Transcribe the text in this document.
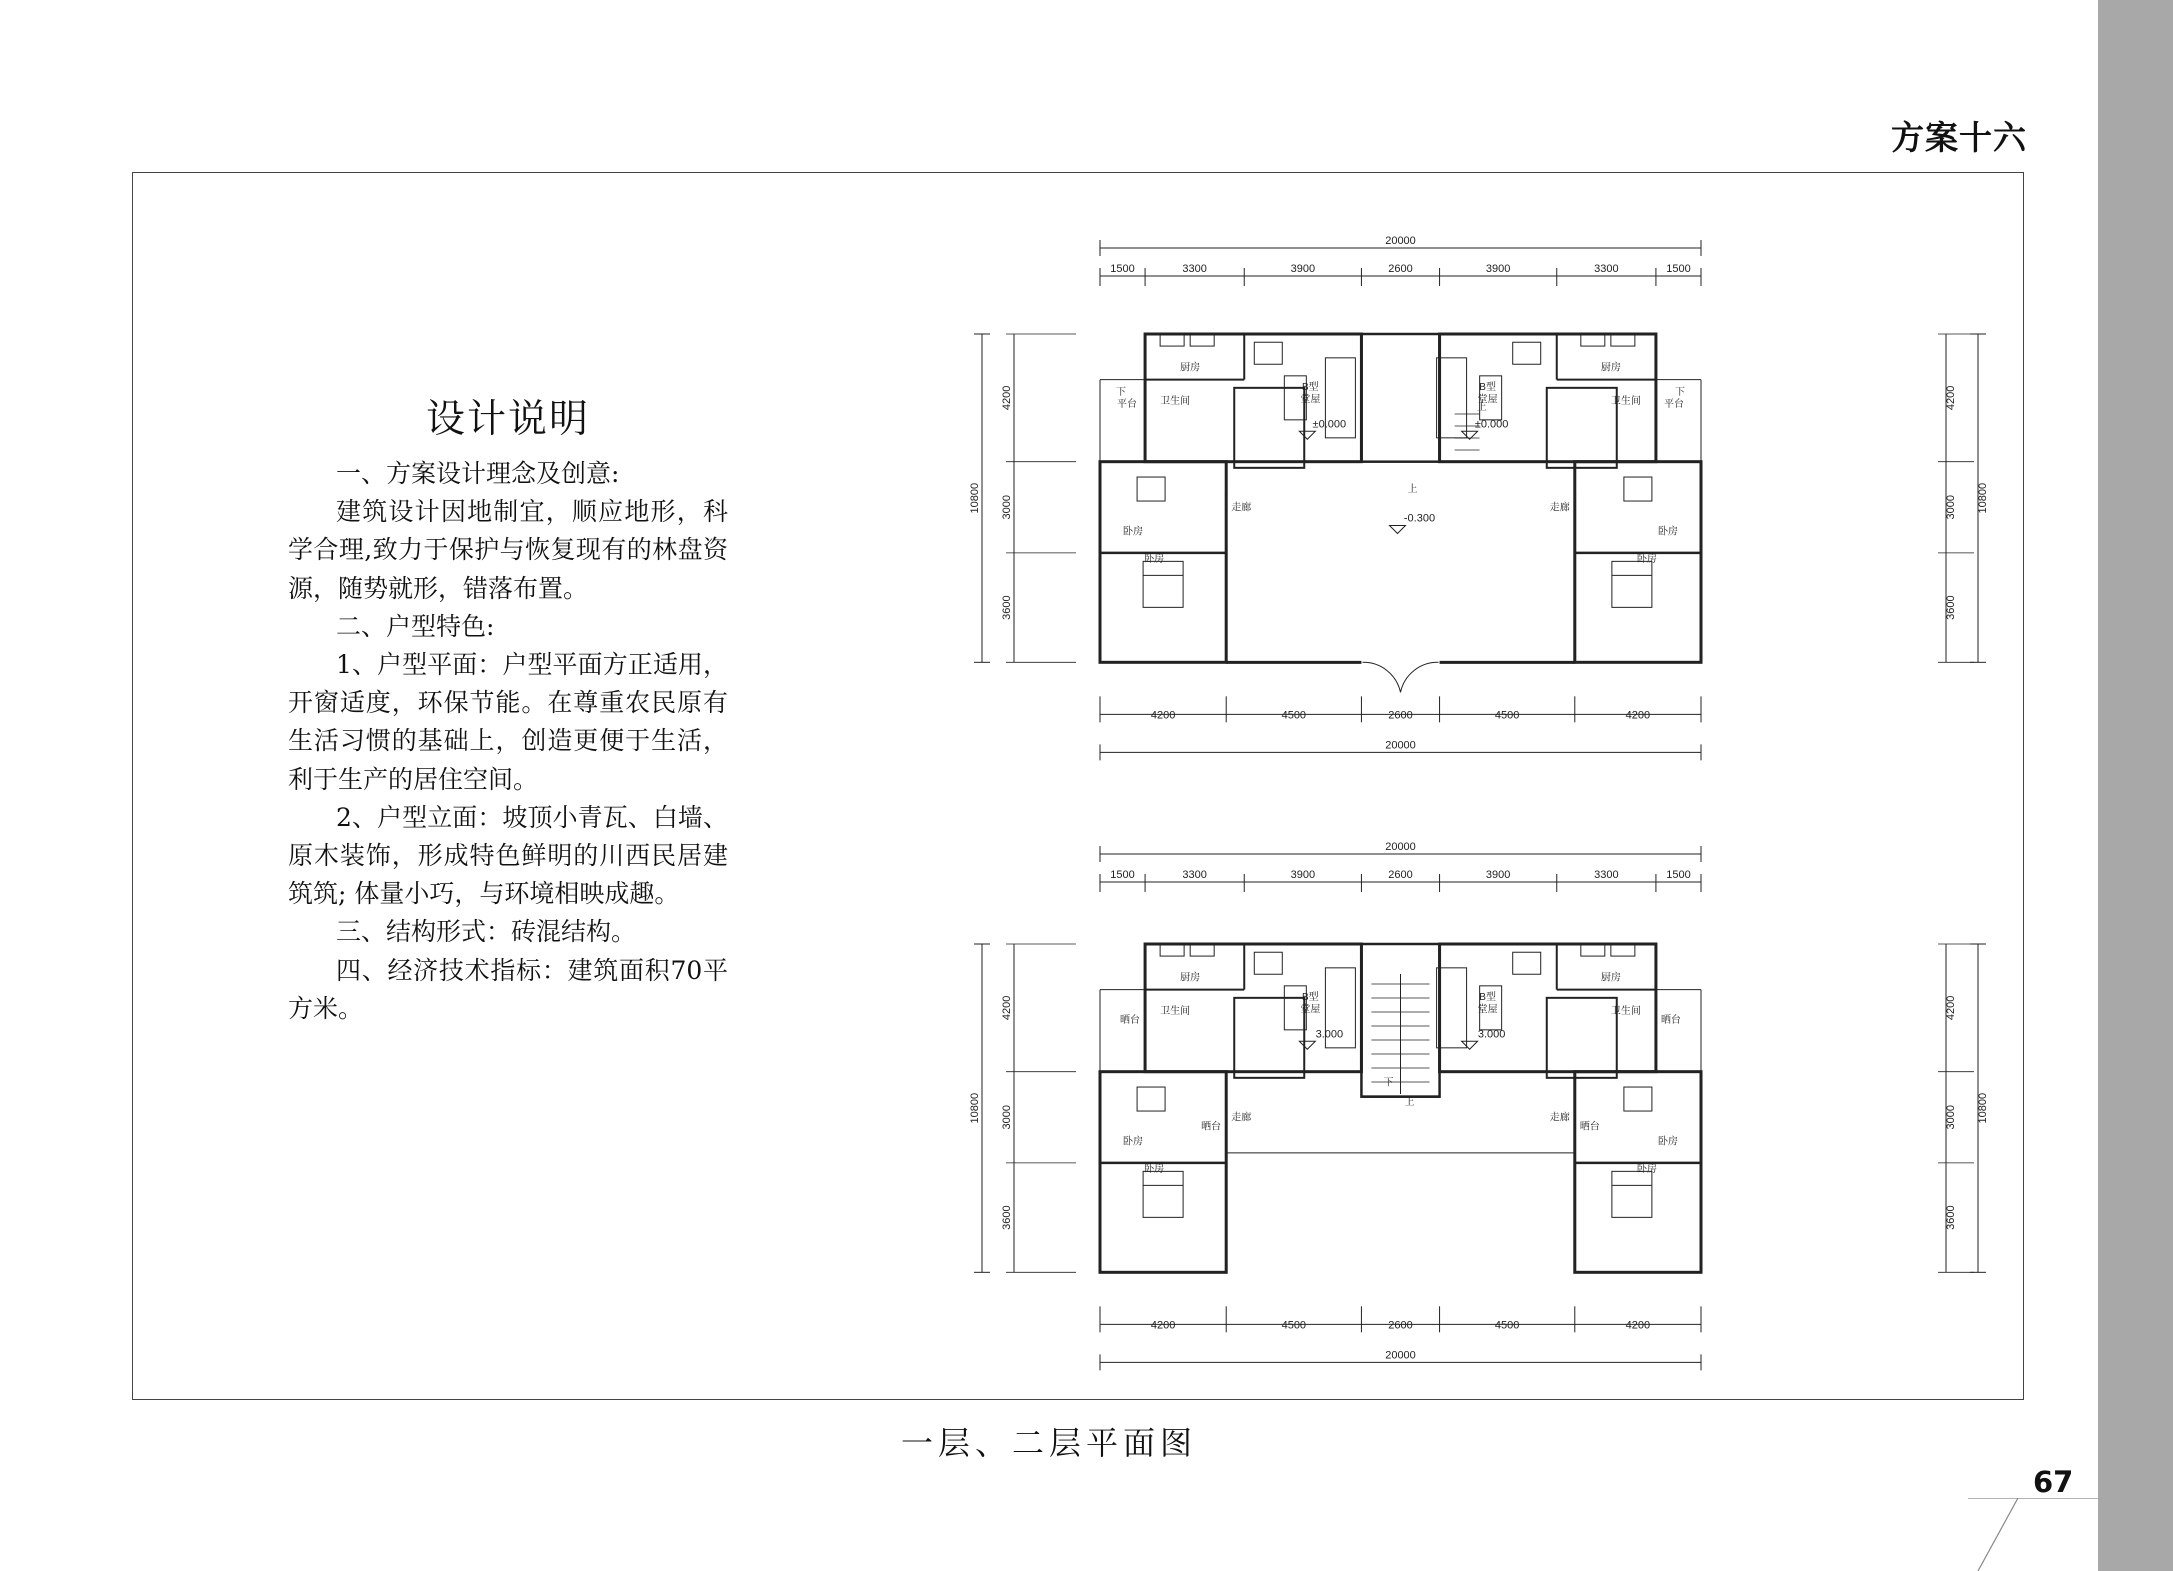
方案十六
设计说明

一、方案设计理念及创意:

建筑设计因地制宜，顺应地形，科学合理,致力于保护与恢复现有的林盘资源，随势就形，错落布置。

二、户型特色:

1、户型平面：户型平面方正适用，开窗适度，环保节能。在尊重农民原有生活习惯的基础上，创造更便于生活，利于生产的居住空间。

2、户型立面：坡顶小青瓦、白墙、原木装饰，形成特色鲜明的川西民居建筑筑; 体量小巧，与环境相映成趣。

三、结构形式：砖混结构。

四、经济技术指标：建筑面积70平方米。

20000
1500	3300	3900	2600	3900	3300	1500
10800
4200
3000
3600
10800
4200
3000
3600
4200	4500	2600	4500	4200
20000
厨房	厨房
卫生间	卫生间
B型	B型
堂屋	堂屋
卧房	卧房
卧房	卧房
走廊	走廊
平台	平台
下	下
上
上
±0.000	±0.000
-0.300
20000
1500	3300	3900	2600	3900	3300	1500
10800
4200
3000
3600
10800
4200
3000
3600
4200	4500	2600	4500	4200
20000
厨房	厨房
卫生间	卫生间
B型	B型
堂屋	堂屋
卧房	卧房
卧房	卧房
走廊	走廊
晒台	晒台
晒台	晒台
上
下
3.000	3.000
一层、二层平面图
67
